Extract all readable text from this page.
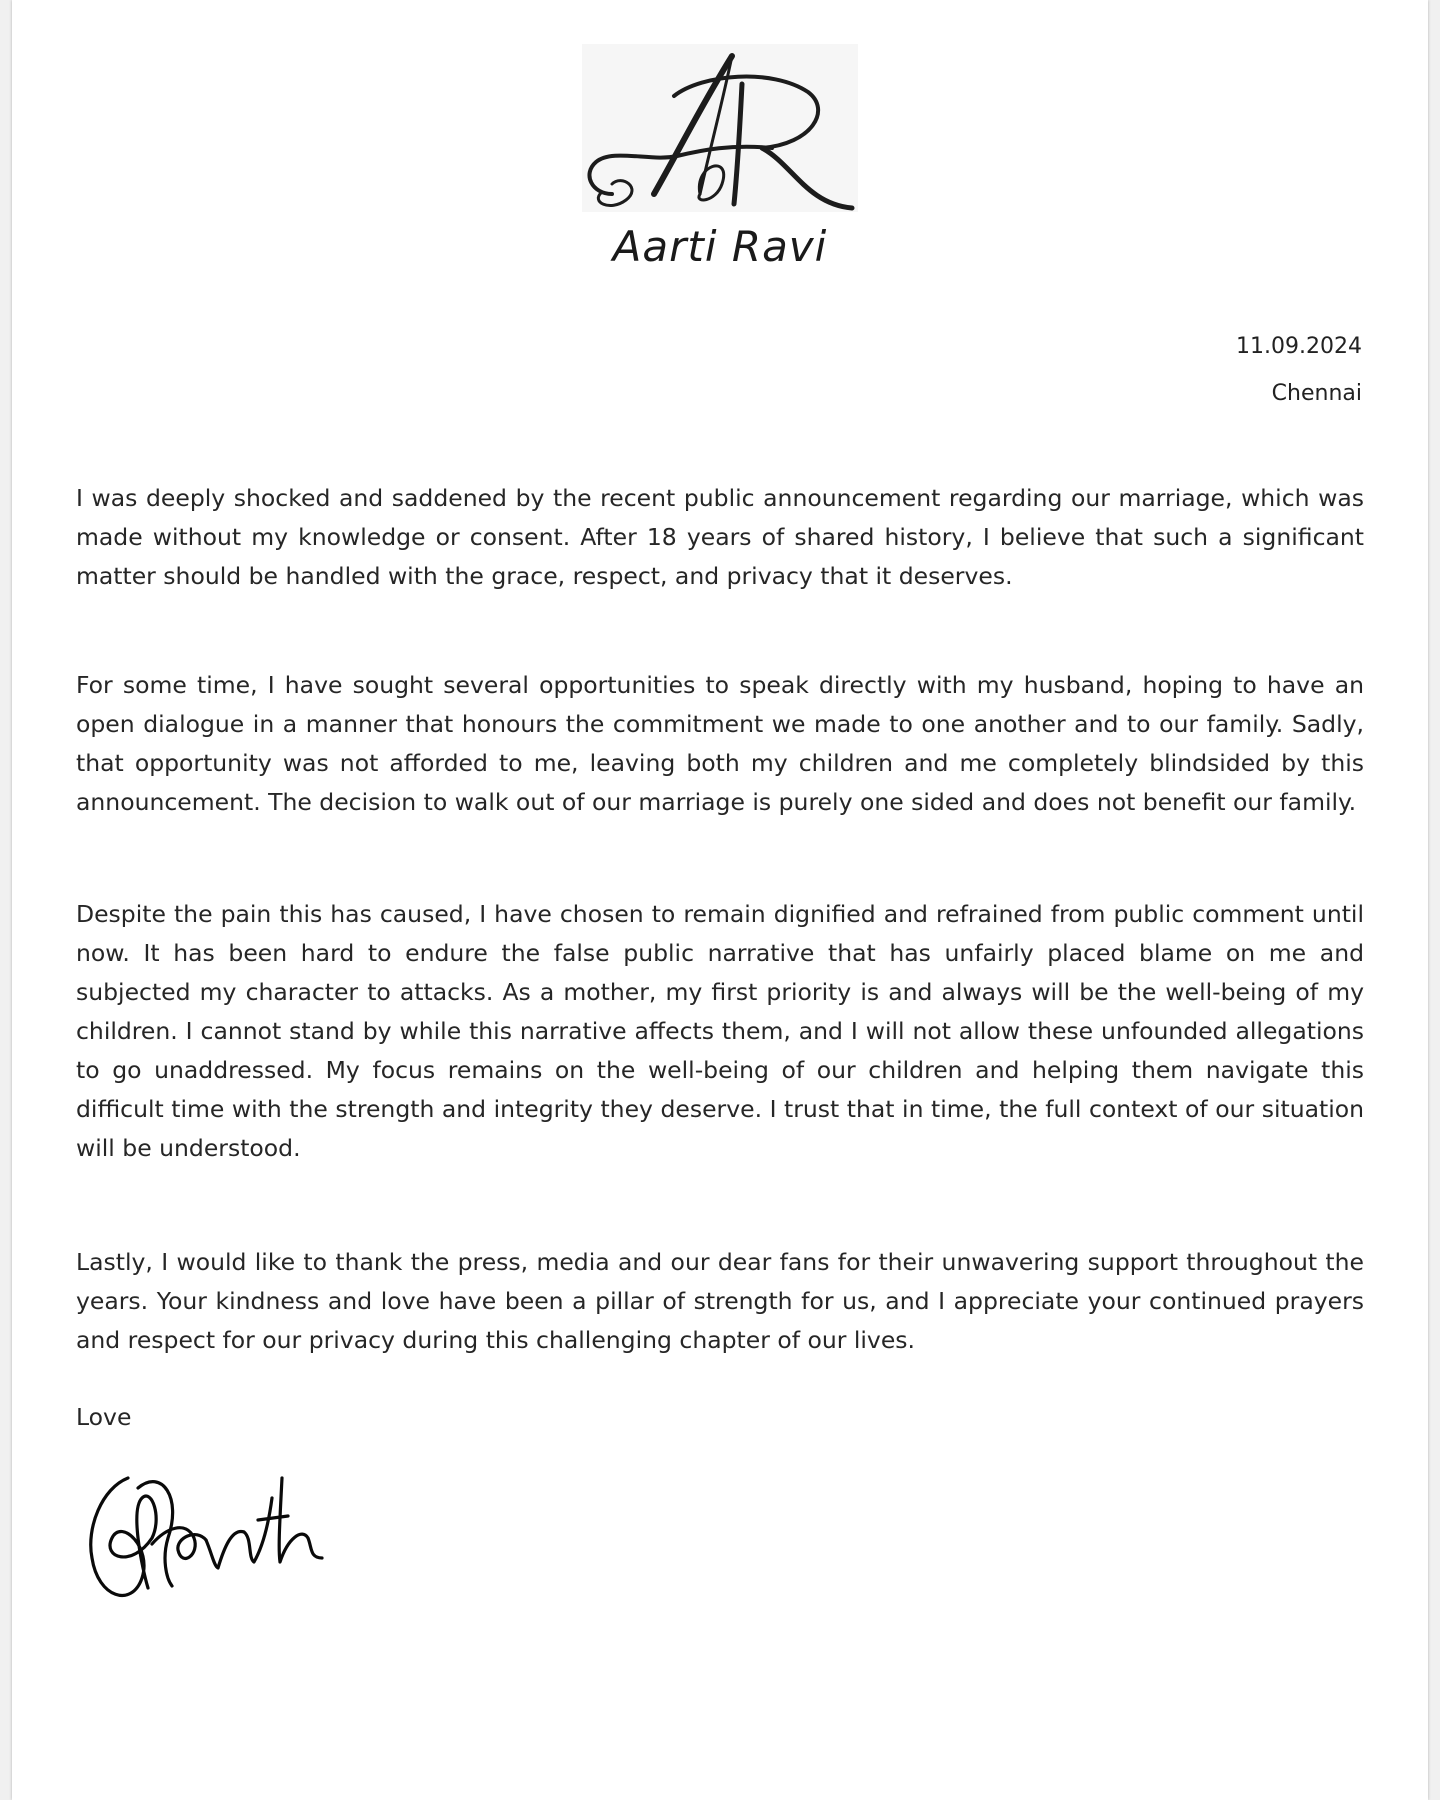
Aarti Ravi
11.09.2024
Chennai

I was deeply shocked and saddened by the recent public announcement regarding our marriage, which was made without my knowledge or consent. After 18 years of shared history, I believe that such a significant matter should be handled with the grace, respect, and privacy that it deserves.

For some time, I have sought several opportunities to speak directly with my husband, hoping to have an open dialogue in a manner that honours the commitment we made to one another and to our family. Sadly, that opportunity was not afforded to me, leaving both my children and me completely blindsided by this announcement. The decision to walk out of our marriage is purely one sided and does not benefit our family.

Despite the pain this has caused, I have chosen to remain dignified and refrained from public comment until now. It has been hard to endure the false public narrative that has unfairly placed blame on me and subjected my character to attacks. As a mother, my first priority is and always will be the well-being of my children. I cannot stand by while this narrative affects them, and I will not allow these unfounded allegations to go unaddressed. My focus remains on the well-being of our children and helping them navigate this difficult time with the strength and integrity they deserve. I trust that in time, the full context of our situation will be understood.

Lastly, I would like to thank the press, media and our dear fans for their unwavering support throughout the years. Your kindness and love have been a pillar of strength for us, and I appreciate your continued prayers and respect for our privacy during this challenging chapter of our lives.

Love
